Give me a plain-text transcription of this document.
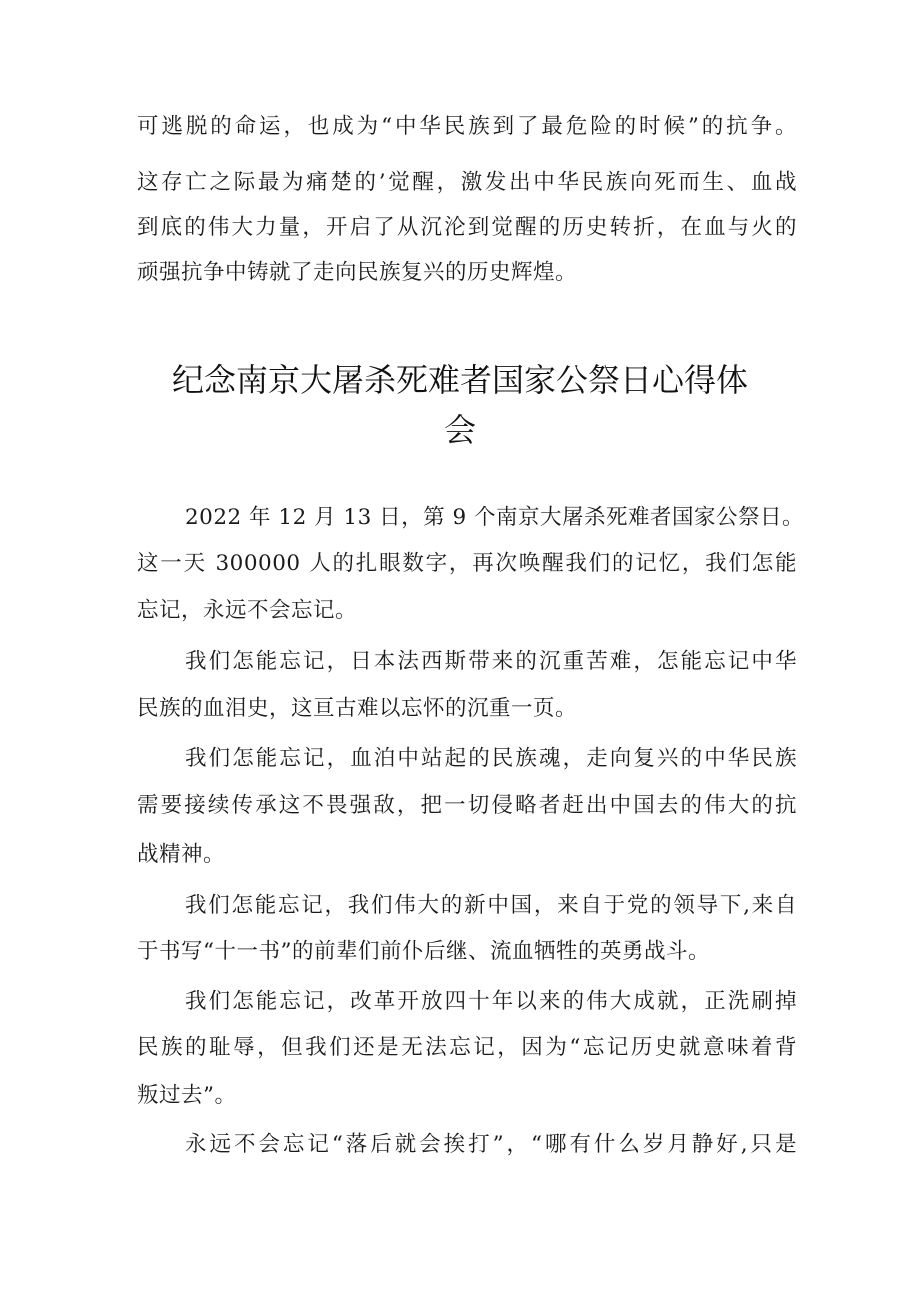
可逃脱的命运，也成为“中华民族到了最危险的时候”的抗争。
这存亡之际最为痛楚的’觉醒，激发出中华民族向死而生、血战
到底的伟大力量，开启了从沉沦到觉醒的历史转折，在血与火的
顽强抗争中铸就了走向民族复兴的历史辉煌。
纪念南京大屠杀死难者国家公祭日心得体
会
2022 年 12 月 13 日，第 9 个南京大屠杀死难者国家公祭日。
这一天 300000 人的扎眼数字，再次唤醒我们的记忆，我们怎能
忘记，永远不会忘记。
我们怎能忘记，日本法西斯带来的沉重苦难，怎能忘记中华
民族的血泪史，这亘古难以忘怀的沉重一页。
我们怎能忘记，血泊中站起的民族魂，走向复兴的中华民族
需要接续传承这不畏强敌，把一切侵略者赶出中国去的伟大的抗
战精神。
我们怎能忘记，我们伟大的新中国，来自于党的领导下,来自
于书写“十一书”的前辈们前仆后继、流血牺牲的英勇战斗。
我们怎能忘记，改革开放四十年以来的伟大成就，正洗刷掉
民族的耻辱，但我们还是无法忘记，因为“忘记历史就意味着背
叛过去”。
永远不会忘记“落后就会挨打”，“哪有什么岁月静好,只是
